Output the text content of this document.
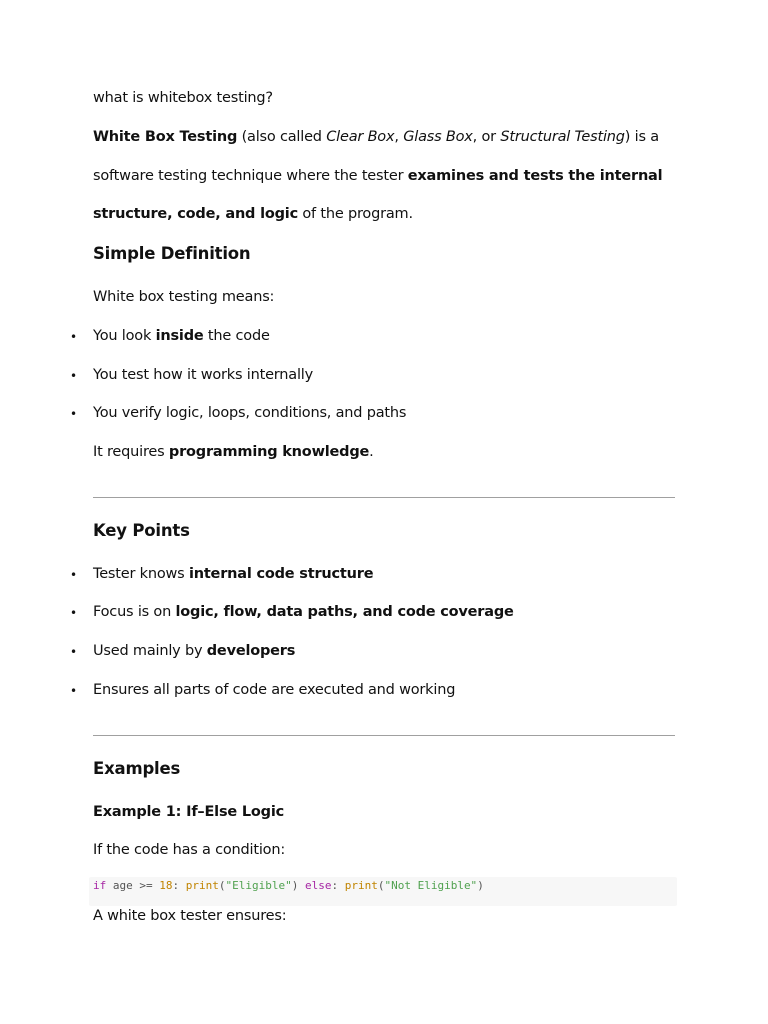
what is whitebox testing?
White Box Testing (also called Clear Box, Glass Box, or Structural Testing) is a
software testing technique where the tester examines and tests the internal
structure, code, and logic of the program.
Simple Definition
White box testing means:
• You look inside the code
• You test how it works internally
• You verify logic, loops, conditions, and paths
It requires programming knowledge.
Key Points
• Tester knows internal code structure
• Focus is on logic, flow, data paths, and code coverage
• Used mainly by developers
• Ensures all parts of code are executed and working
Examples
Example 1: If–Else Logic
If the code has a condition:
if age >= 18: print("Eligible") else: print("Not Eligible")
A white box tester ensures:
